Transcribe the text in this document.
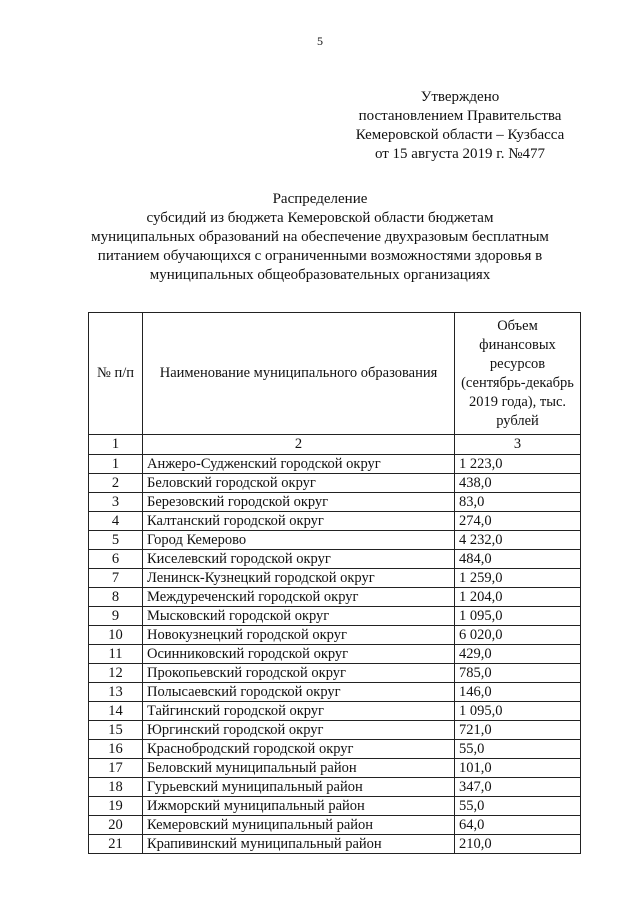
5
Утверждено
постановлением Правительства
Кемеровской области – Кузбасса
от 15 августа 2019 г. №477
Распределение
субсидий из бюджета Кемеровской области бюджетам
муниципальных образований на обеспечение двухразовым бесплатным
питанием обучающихся с ограниченными возможностями здоровья в
муниципальных общеобразовательных организациях
№ п/п	Наименование муниципального образования	Объем финансовых ресурсов (сентябрь-декабрь 2019 года), тыс. рублей
1	2	3
1	Анжеро-Судженский городской округ	1 223,0
2	Беловский городской округ	438,0
3	Березовский городской округ	83,0
4	Калтанский городской округ	274,0
5	Город Кемерово	4 232,0
6	Киселевский городской округ	484,0
7	Ленинск-Кузнецкий городской округ	1 259,0
8	Междуреченский городской округ	1 204,0
9	Мысковский городской округ	1 095,0
10	Новокузнецкий городской округ	6 020,0
11	Осинниковский городской округ	429,0
12	Прокопьевский городской округ	785,0
13	Полысаевский городской округ	146,0
14	Тайгинский городской округ	1 095,0
15	Юргинский городской округ	721,0
16	Краснобродский городской округ	55,0
17	Беловский муниципальный район	101,0
18	Гурьевский муниципальный район	347,0
19	Ижморский муниципальный район	55,0
20	Кемеровский муниципальный район	64,0
21	Крапивинский муниципальный район	210,0
